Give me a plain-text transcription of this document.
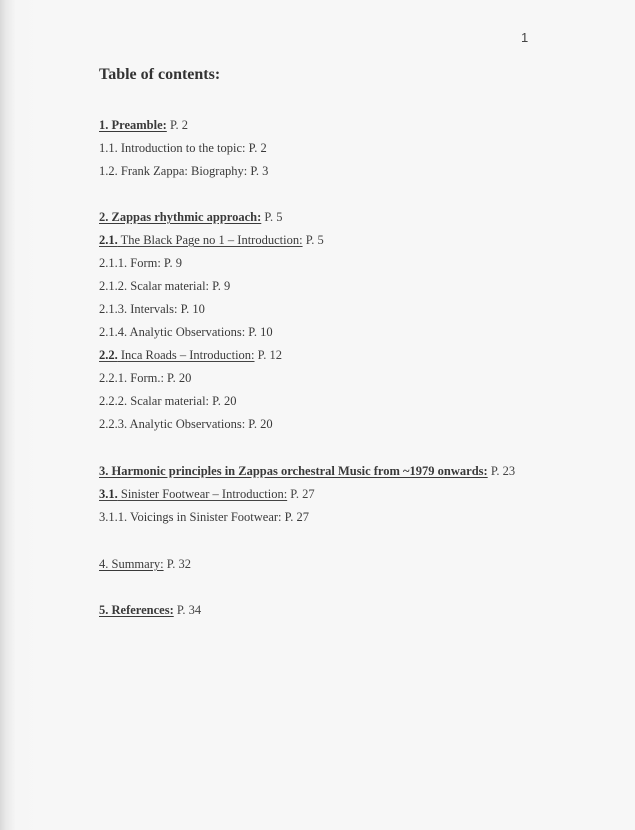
1
Table of contents:
1. Preamble: P. 2
1.1. Introduction to the topic: P. 2
1.2. Frank Zappa: Biography: P. 3
2. Zappas rhythmic approach: P. 5
2.1. The Black Page no 1 – Introduction: P. 5
2.1.1. Form: P. 9
2.1.2. Scalar material: P. 9
2.1.3. Intervals: P. 10
2.1.4. Analytic Observations: P. 10
2.2. Inca Roads – Introduction: P. 12
2.2.1. Form.: P. 20
2.2.2. Scalar material: P. 20
2.2.3. Analytic Observations: P. 20
3. Harmonic principles in Zappas orchestral Music from ~1979 onwards: P. 23
3.1. Sinister Footwear – Introduction: P. 27
3.1.1. Voicings in Sinister Footwear: P. 27
4. Summary: P. 32
5. References: P. 34
